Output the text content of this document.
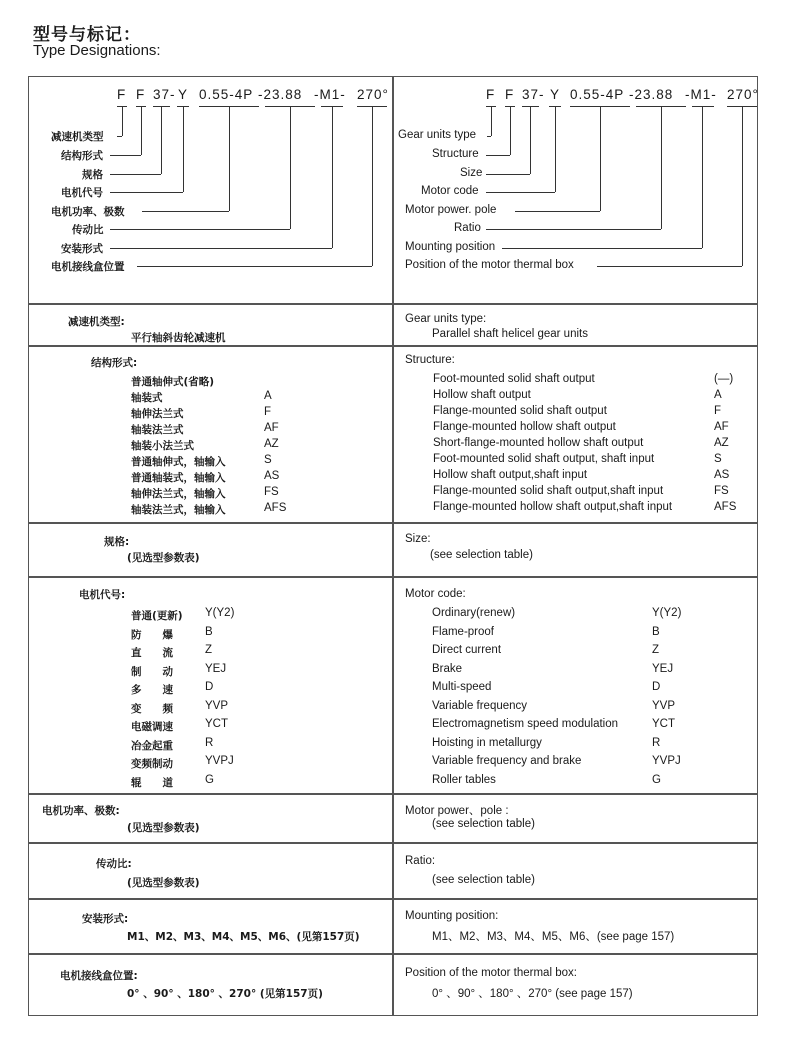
型号与标记：
Type Designations:
F F 37- Y 0.55-4P -23.88 -M1- 270°
减速机类型
结构形式
规格
电机代号
电机功率、极数
传动比
安装形式
电机接线盒位置
F F 37- Y 0.55-4P -23.88 -M1- 270°
Gear units type
Structure
Size
Motor code
Motor power. pole
Ratio
Mounting position
Position of the motor thermal box
减速机类型:
平行轴斜齿轮减速机
Gear units type:
Parallel shaft helicel gear units
结构形式:	Structure:
普通轴伸式(省略)
轴装式	A
轴伸法兰式	F
轴装法兰式	AF
轴装小法兰式	AZ
普通轴伸式，轴输入	S
普通轴装式，轴输入	AS
轴伸法兰式，轴输入	FS
轴装法兰式，轴输入	AFS
Foot-mounted solid shaft output	(—)
Hollow shaft output	A
Flange-mounted solid shaft output	F
Flange-mounted hollow shaft output	AF
Short-flange-mounted hollow shaft output	AZ
Foot-mounted solid shaft output, shaft input	S
Hollow shaft output,shaft input	AS
Flange-mounted solid shaft output,shaft input	FS
Flange-mounted hollow shaft output,shaft input	AFS
规格:
(见选型参数表)
Size:
(see selection table)
电机代号:	Motor code:
普通(更新) Y(Y2)
防　　爆	B
直　　流	Z
制　　动	YEJ
多　　速	D
变　　频	YVP
电磁调速	YCT
冶金起重	R
变频制动	YVPJ
辊　　道	G
Ordinary(renew)	Y(Y2)
Flame-proof	B
Direct current	Z
Brake	YEJ
Multi-speed	D
Variable frequency	YVP
Electromagnetism speed modulation	YCT
Hoisting in metallurgy	R
Variable frequency and brake	YVPJ
Roller tables	G
电机功率、极数:
(见选型参数表)
Motor power、pole :
(see selection table)
传动比:
(见选型参数表)
Ratio:
(see selection table)
安装形式:
M1、M2、M3、M4、M5、M6、(见第157页)
Mounting position:
M1、M2、M3、M4、M5、M6、(see page 157)
电机接线盒位置:
0° 、90° 、180° 、270° (见第157页)
Position of the motor thermal box:
0° 、90° 、180° 、270° (see page 157)
